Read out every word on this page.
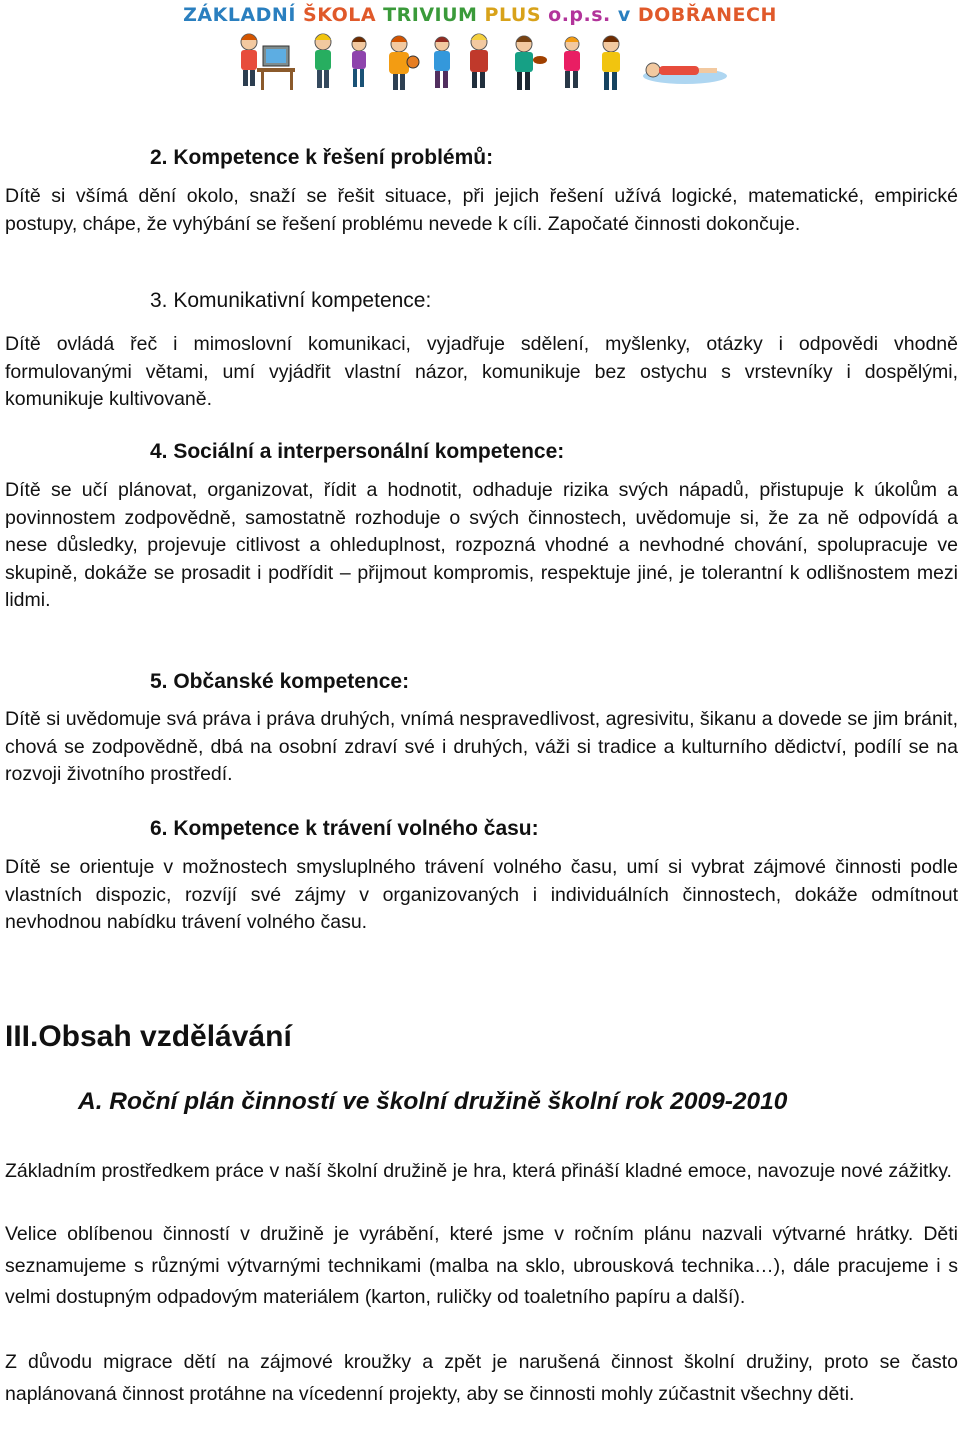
ZÁKLADNÍ ŠKOLA TRIVIUM PLUS o.p.s. v DOBŘANECH
2. Kompetence k řešení problémů:

Dítě si všímá dění okolo, snaží se řešit situace, při jejich řešení užívá logické, matematické, empirické postupy, chápe, že vyhýbání se řešení problému nevede k cíli. Započaté činnosti dokončuje.

3. Komunikativní kompetence:

Dítě ovládá řeč i mimoslovní komunikaci, vyjadřuje sdělení, myšlenky, otázky i odpovědi vhodně formulovanými větami, umí vyjádřit vlastní názor, komunikuje bez ostychu s vrstevníky i dospělými, komunikuje kultivovaně.

4. Sociální a interpersonální kompetence:

Dítě se učí plánovat, organizovat, řídit a hodnotit, odhaduje rizika svých nápadů, přistupuje k úkolům a povinnostem zodpovědně, samostatně rozhoduje o svých činnostech, uvědomuje si, že za ně odpovídá a nese důsledky, projevuje citlivost a ohleduplnost, rozpozná vhodné a nevhodné chování, spolupracuje ve skupině, dokáže se prosadit i podřídit – přijmout kompromis, respektuje jiné, je tolerantní k odlišnostem mezi lidmi.

5. Občanské kompetence:

Dítě si uvědomuje svá práva i práva druhých, vnímá nespravedlivost, agresivitu, šikanu a dovede se jim bránit, chová se zodpovědně, dbá na osobní zdraví své i druhých, váži si tradice a kulturního dědictví, podílí se na rozvoji životního prostředí.

6. Kompetence k trávení volného času:

Dítě se orientuje v možnostech smysluplného trávení volného času, umí si vybrat zájmové činnosti podle vlastních dispozic, rozvíjí své zájmy v organizovaných i individuálních činnostech, dokáže odmítnout nevhodnou nabídku trávení volného času.

III.Obsah vzdělávání
A. Roční plán činností ve školní družině školní rok 2009-2010

Základním prostředkem práce v naší školní družině je hra, která přináší kladné emoce, navozuje nové zážitky.

Velice oblíbenou činností v družině je vyrábění, které jsme v ročním plánu nazvali výtvarné hrátky. Děti seznamujeme s různými výtvarnými technikami (malba na sklo, ubrousková technika…), dále pracujeme i s velmi dostupným odpadovým materiálem (karton, ruličky od toaletního papíru a další).

Z důvodu migrace dětí na zájmové kroužky a zpět je narušená činnost školní družiny, proto se často naplánovaná činnost protáhne na vícedenní projekty, aby se činnosti mohly zúčastnit všechny děti.
